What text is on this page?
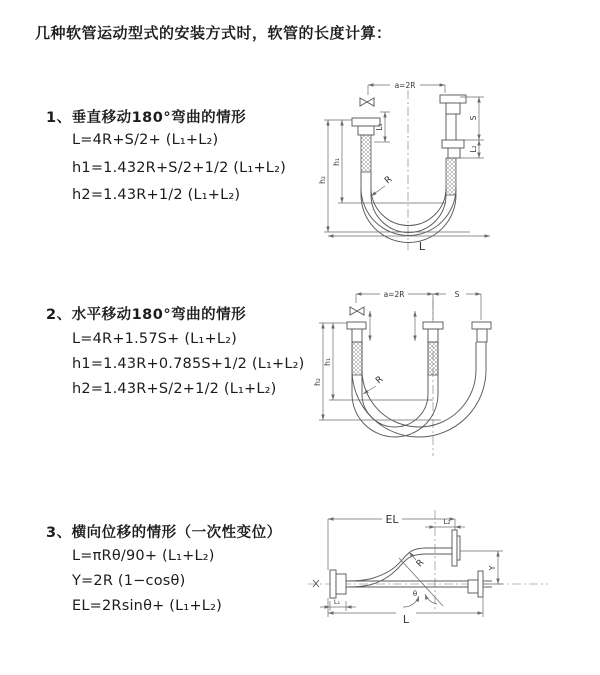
几种软管运动型式的安装方式时，软管的长度计算：
1、垂直移动180°弯曲的情形
L=4R+S/2+ (L₁+L₂)
h1=1.432R+S/2+1/2 (L₁+L₂)
h2=1.43R+1/2 (L₁+L₂)
2、水平移动180°弯曲的情形
L=4R+1.57S+ (L₁+L₂)
h1=1.43R+0.785S+1/2 (L₁+L₂)
h2=1.43R+S/2+1/2 (L₁+L₂)
3、横向位移的情形（一次性变位）
L=πRθ/90+ (L₁+L₂)
Y=2R (1−cosθ)
EL=2Rsinθ+ (L₁+L₂)
a=2R
h₁
h₂
L₁
S
L₂
R
L
a=2R	S
h₁
h₂	R
EL	L₂
Y
R
θ
L₁
L
